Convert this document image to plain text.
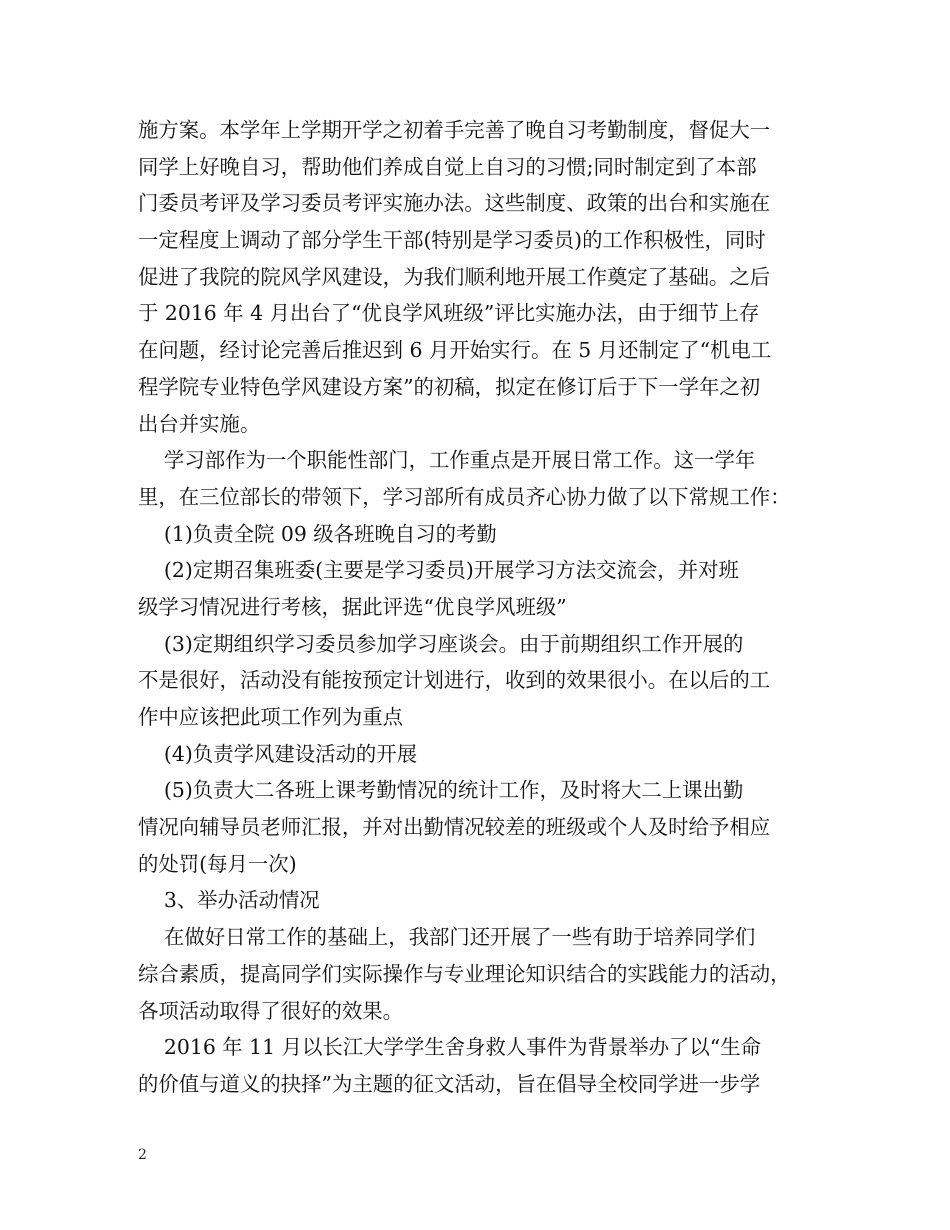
施方案。本学年上学期开学之初着手完善了晚自习考勤制度，督促大一
同学上好晚自习，帮助他们养成自觉上自习的习惯;同时制定到了本部
门委员考评及学习委员考评实施办法。这些制度、政策的出台和实施在
一定程度上调动了部分学生干部(特别是学习委员)的工作积极性，同时
促进了我院的院风学风建设，为我们顺利地开展工作奠定了基础。之后
于 2016 年 4 月出台了“优良学风班级”评比实施办法，由于细节上存
在问题，经讨论完善后推迟到 6 月开始实行。在 5 月还制定了“机电工
程学院专业特色学风建设方案”的初稿，拟定在修订后于下一学年之初
出台并实施。
学习部作为一个职能性部门，工作重点是开展日常工作。这一学年
里，在三位部长的带领下，学习部所有成员齐心协力做了以下常规工作：
(1)负责全院 09 级各班晚自习的考勤
(2)定期召集班委(主要是学习委员)开展学习方法交流会，并对班
级学习情况进行考核，据此评选“优良学风班级”
(3)定期组织学习委员参加学习座谈会。由于前期组织工作开展的
不是很好，活动没有能按预定计划进行，收到的效果很小。在以后的工
作中应该把此项工作列为重点
(4)负责学风建设活动的开展
(5)负责大二各班上课考勤情况的统计工作，及时将大二上课出勤
情况向辅导员老师汇报，并对出勤情况较差的班级或个人及时给予相应
的处罚(每月一次)
3、举办活动情况
在做好日常工作的基础上，我部门还开展了一些有助于培养同学们
综合素质，提高同学们实际操作与专业理论知识结合的实践能力的活动，
各项活动取得了很好的效果。
2016 年 11 月以长江大学学生舍身救人事件为背景举办了以“生命
的价值与道义的抉择”为主题的征文活动，旨在倡导全校同学进一步学
2
